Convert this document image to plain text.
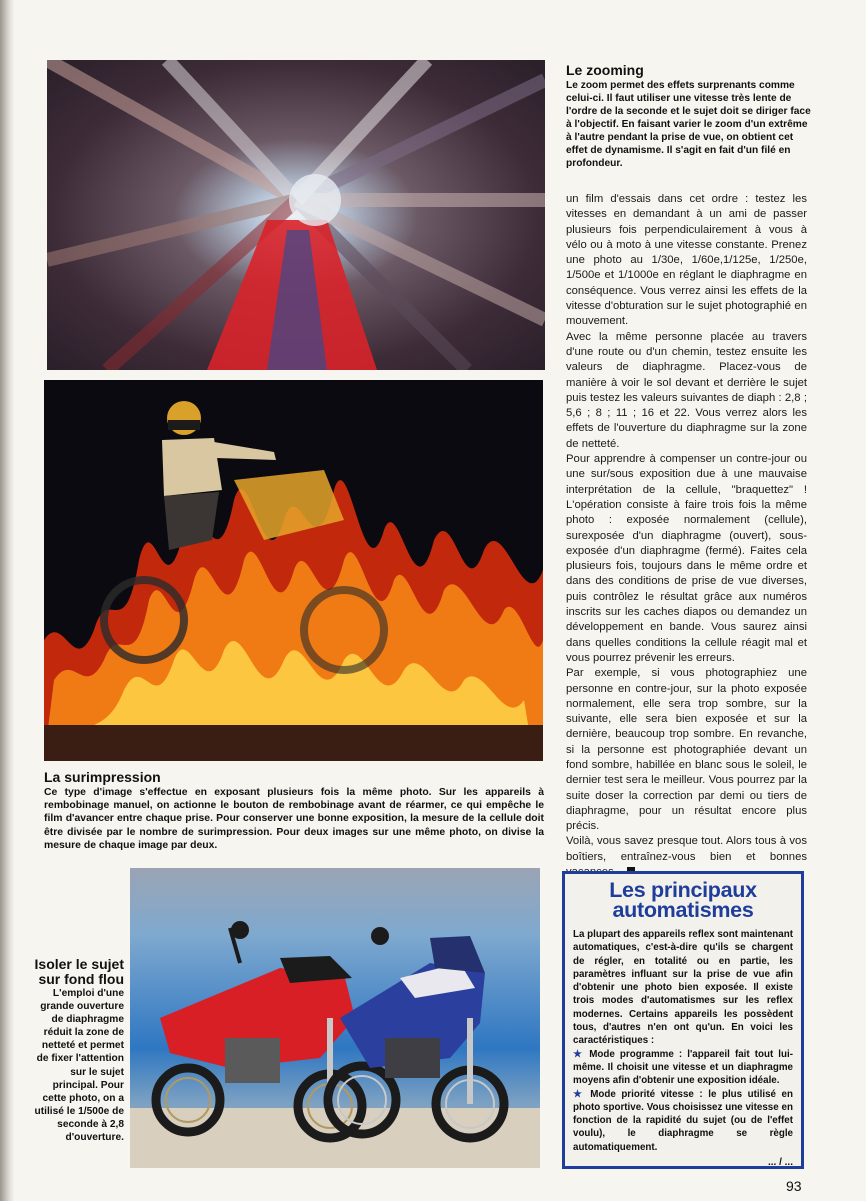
Le zooming
Le zoom permet des effets surprenants comme celui-ci. Il faut utiliser une vitesse très lente de l'ordre de la seconde et le sujet doit se diriger face à l'objectif. En faisant varier le zoom d'un extrême à l'autre pendant la prise de vue, on obtient cet effet de dynamisme. Il s'agit en fait d'un filé en profondeur.

un film d'essais dans cet ordre : testez les vitesses en demandant à un ami de passer plusieurs fois perpendiculairement à vous à vélo ou à moto à une vitesse constante. Prenez une photo au 1/30e, 1/60e,1/125e, 1/250e, 1/500e et 1/1000e en réglant le diaphragme en conséquence. Vous verrez ainsi les effets de la vitesse d'obturation sur le sujet photographié en mouvement.

Avec la même personne placée au travers d'une route ou d'un chemin, testez ensuite les valeurs de diaphragme. Placez-vous de manière à voir le sol devant et derrière le sujet puis testez les valeurs suivantes de diaph : 2,8 ; 5,6 ; 8 ; 11 ; 16 et 22. Vous verrez alors les effets de l'ouverture du diaphragme sur la zone de netteté.

Pour apprendre à compenser un contre-jour ou une sur/sous exposition due à une mauvaise interprétation de la cellule, "braquettez" ! L'opération consiste à faire trois fois la même photo : exposée normalement (cellule), surexposée d'un diaphragme (ouvert), sous-exposée d'un diaphragme (fermé). Faites cela plusieurs fois, toujours dans le même ordre et dans des conditions de prise de vue diverses, puis contrôlez le résultat grâce aux numéros inscrits sur les caches diapos ou demandez un développement en bande. Vous saurez ainsi dans quelles conditions la cellule réagit mal et vous pourrez prévenir les erreurs.

Par exemple, si vous photographiez une personne en contre-jour, sur la photo exposée normalement, elle sera trop sombre, sur la suivante, elle sera bien exposée et sur la dernière, beaucoup trop sombre. En revanche, si la personne est photographiée devant un fond sombre, habillée en blanc sous le soleil, le dernier test sera le meilleur. Vous pourrez par la suite doser la correction par demi ou tiers de diaphragme, pour un résultat encore plus précis.

Voilà, vous savez presque tout. Alors tous à vos boîtiers, entraînez-vous bien et bonnes

La surimpression
Ce type d'image s'effectue en exposant plusieurs fois la même photo. Sur les appareils à rembobinage manuel, on actionne le bouton de rembobinage avant de réarmer, ce qui empêche le film d'avancer entre chaque prise. Pour conserver une bonne exposition, la mesure de la cellule doit être divisée par le nombre de surimpression. Pour deux images sur une même photo, on divise la mesure de chaque image par deux.
Isoler le sujet sur fond flou
L'emploi d'une grande ouverture de diaphragme réduit la zone de netteté et permet de fixer l'attention sur le sujet principal. Pour cette photo, on a utilisé le 1/500e de seconde à 2,8 d'ouverture.
Les principaux
automatismes

La plupart des appareils reflex sont maintenant automatiques, c'est-à-dire qu'ils se chargent de régler, en totalité ou en partie, les paramètres influant sur la prise de vue afin d'obtenir une photo bien exposée. Il existe trois modes d'automatismes sur les reflex modernes. Certains appareils les possèdent tous, d'autres n'en ont qu'un. En voici les caractéristiques :

★ Mode programme : l'appareil fait tout lui-même. Il choisit une vitesse et un diaphragme moyens afin d'obtenir une exposition idéale.

★ Mode priorité vitesse : le plus utilisé en photo sportive. Vous choisissez une vitesse en fonction de la rapidité du sujet (ou de l'effet voulu), le diaphragme se règle automatiquement.

... / ...
93
